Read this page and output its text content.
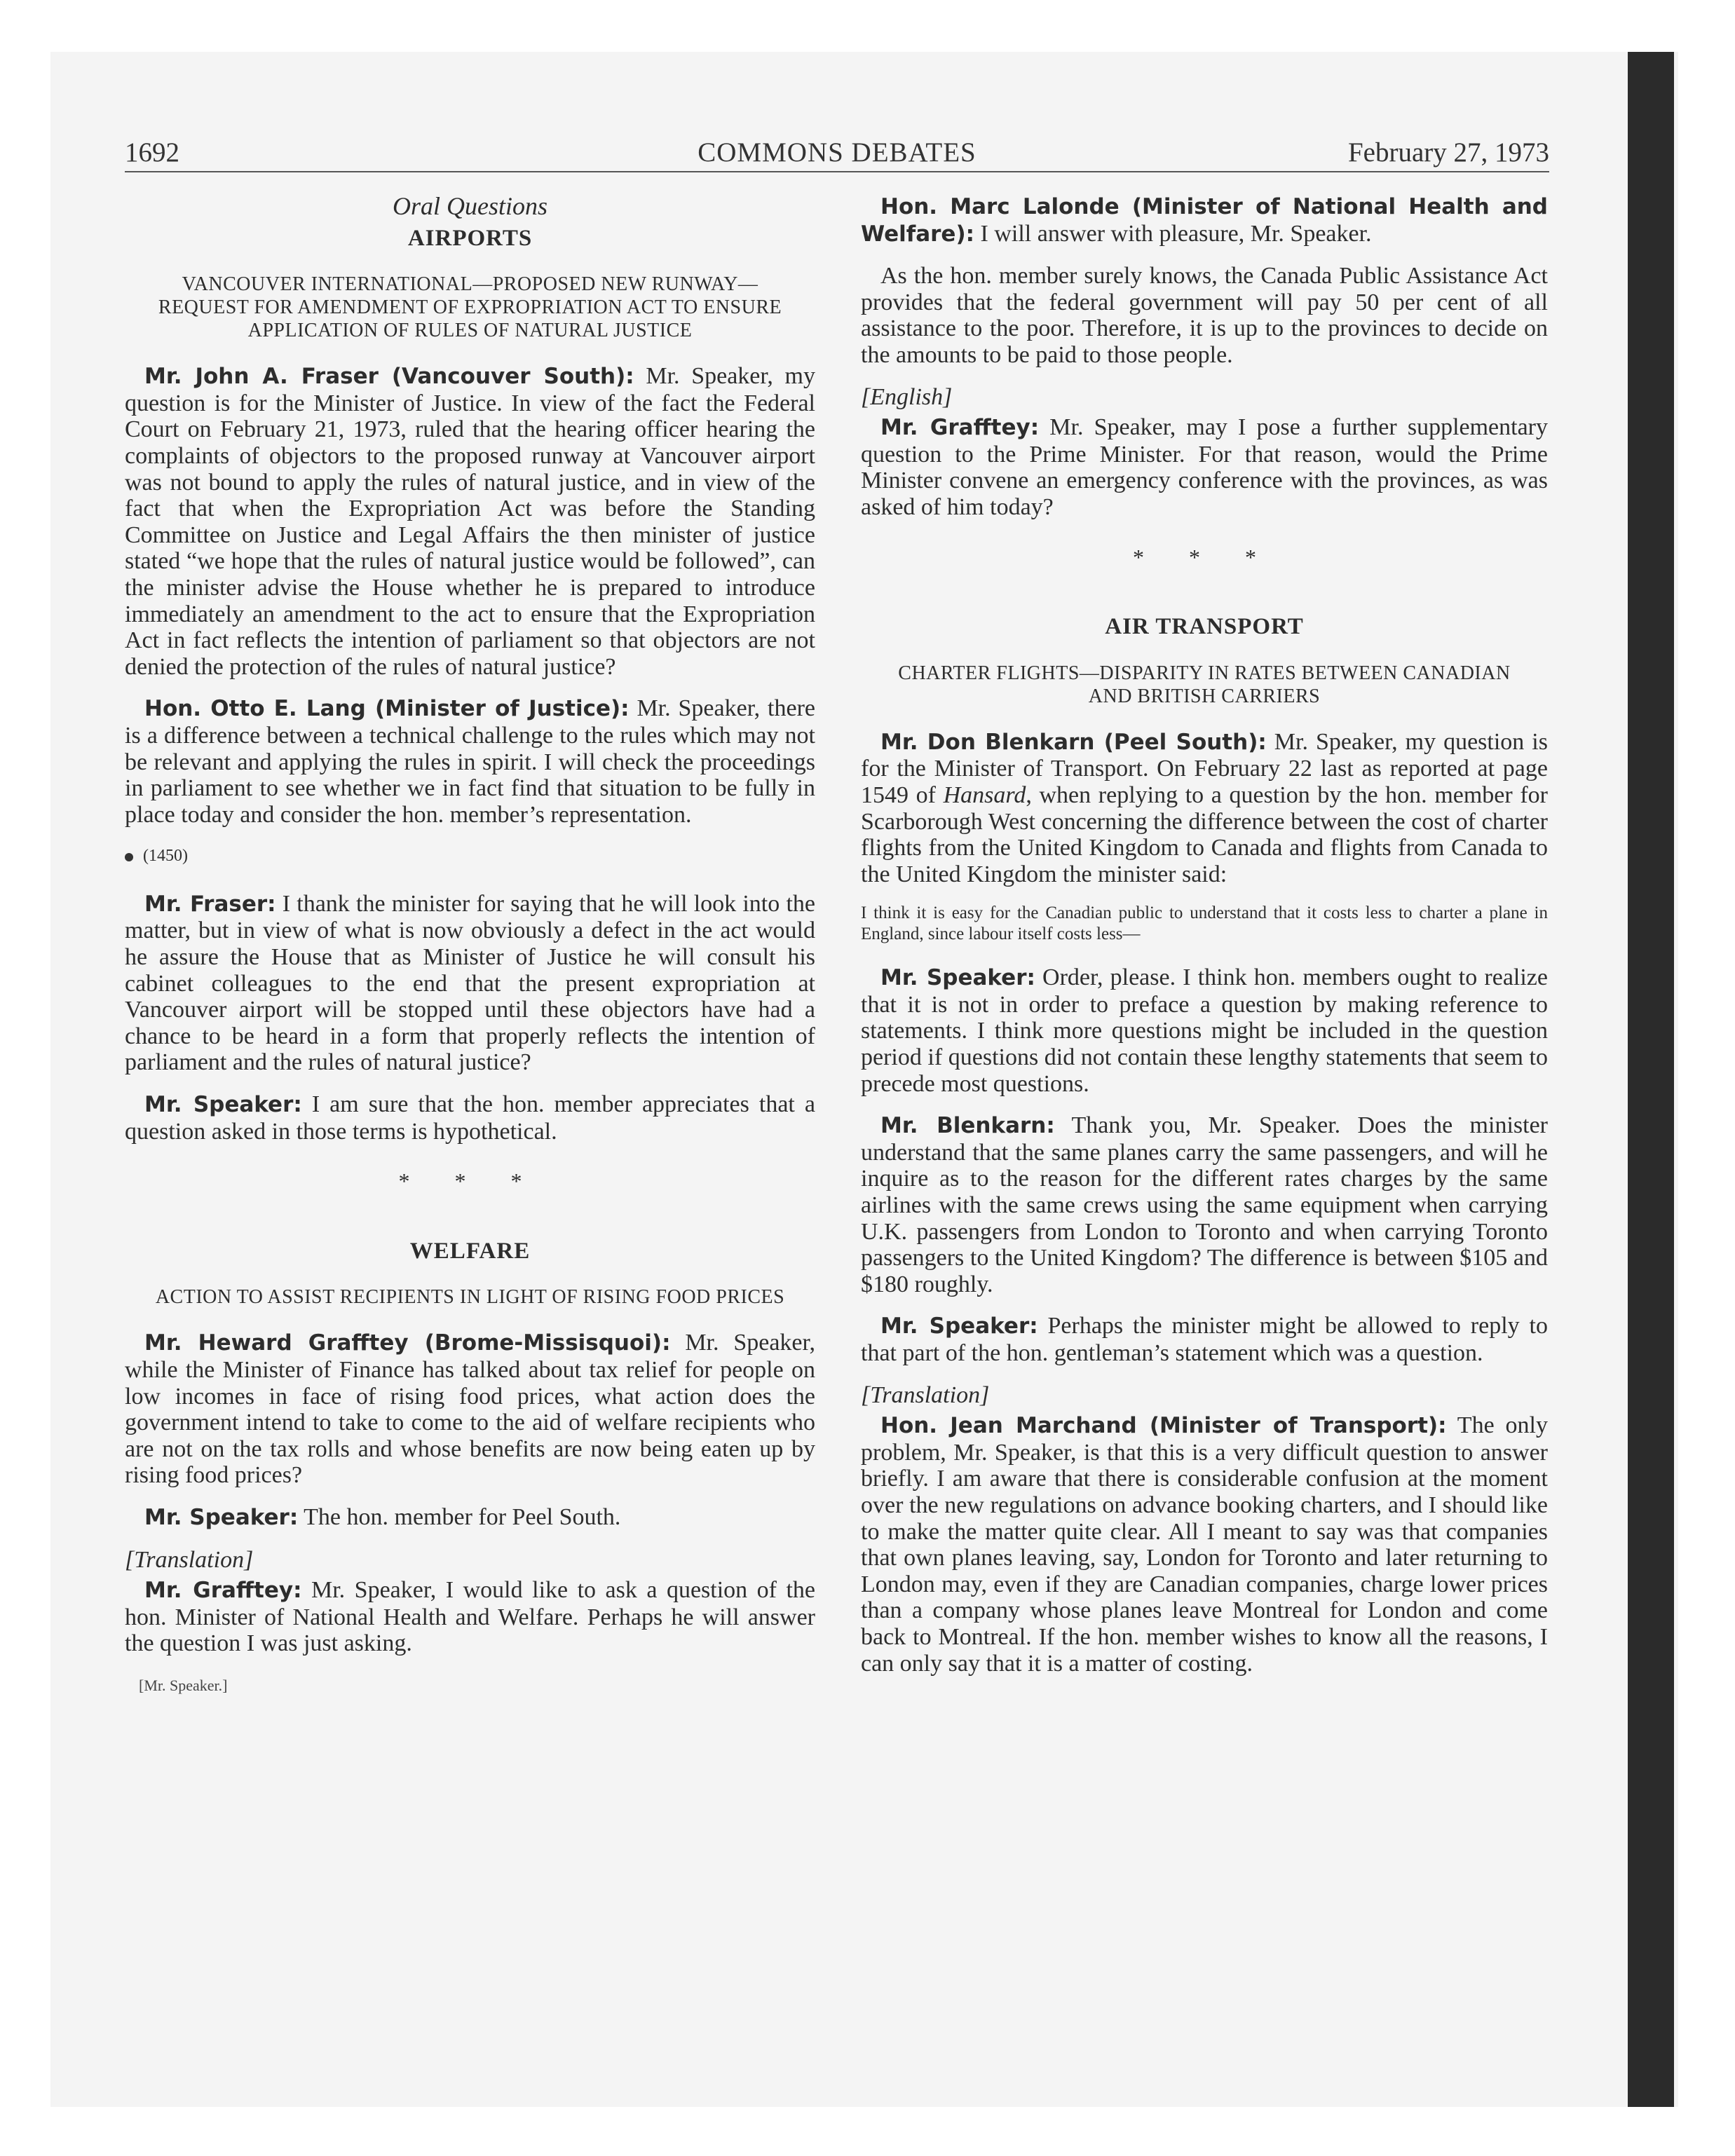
1692	COMMONS DEBATES	February 27, 1973
Oral Questions
AIRPORTS
VANCOUVER INTERNATIONAL—PROPOSED NEW RUNWAY—REQUEST FOR AMENDMENT OF EXPROPRIATION ACT TO ENSURE APPLICATION OF RULES OF NATURAL JUSTICE

Mr. John A. Fraser (Vancouver South): Mr. Speaker, my question is for the Minister of Justice. In view of the fact the Federal Court on February 21, 1973, ruled that the hearing officer hearing the complaints of objectors to the proposed runway at Vancouver airport was not bound to apply the rules of natural justice, and in view of the fact that when the Expropriation Act was before the Standing Committee on Justice and Legal Affairs the then minister of justice stated “we hope that the rules of natural justice would be followed”, can the minister advise the House whether he is prepared to introduce immediately an amendment to the act to ensure that the Expropriation Act in fact reflects the intention of parliament so that objectors are not denied the protection of the rules of natural justice?

Hon. Otto E. Lang (Minister of Justice): Mr. Speaker, there is a difference between a technical challenge to the rules which may not be relevant and applying the rules in spirit. I will check the proceedings in parliament to see whether we in fact find that situation to be fully in place today and consider the hon. member’s representation.

(1450)

Mr. Fraser: I thank the minister for saying that he will look into the matter, but in view of what is now obviously a defect in the act would he assure the House that as Minister of Justice he will consult his cabinet colleagues to the end that the present expropriation at Vancouver airport will be stopped until these objectors have had a chance to be heard in a form that properly reflects the intention of parliament and the rules of natural justice?

Mr. Speaker: I am sure that the hon. member appreciates that a question asked in those terms is hypothetical.

* * *
WELFARE
ACTION TO ASSIST RECIPIENTS IN LIGHT OF RISING FOOD PRICES

Mr. Heward Grafftey (Brome-Missisquoi): Mr. Speaker, while the Minister of Finance has talked about tax relief for people on low incomes in face of rising food prices, what action does the government intend to take to come to the aid of welfare recipients who are not on the tax rolls and whose benefits are now being eaten up by rising food prices?

Mr. Speaker: The hon. member for Peel South.

[Translation]

Mr. Grafftey: Mr. Speaker, I would like to ask a question of the hon. Minister of National Health and Welfare. Perhaps he will answer the question I was just asking.

[Mr. Speaker.]

Hon. Marc Lalonde (Minister of National Health and Welfare): I will answer with pleasure, Mr. Speaker.

As the hon. member surely knows, the Canada Public Assistance Act provides that the federal government will pay 50 per cent of all assistance to the poor. Therefore, it is up to the provinces to decide on the amounts to be paid to those people.

[English]

Mr. Grafftey: Mr. Speaker, may I pose a further supplementary question to the Prime Minister. For that reason, would the Prime Minister convene an emergency conference with the provinces, as was asked of him today?

* * *
AIR TRANSPORT
CHARTER FLIGHTS—DISPARITY IN RATES BETWEEN CANADIAN AND BRITISH CARRIERS

Mr. Don Blenkarn (Peel South): Mr. Speaker, my question is for the Minister of Transport. On February 22 last as reported at page 1549 of Hansard, when replying to a question by the hon. member for Scarborough West concerning the difference between the cost of charter flights from the United Kingdom to Canada and flights from Canada to the United Kingdom the minister said:

I think it is easy for the Canadian public to understand that it costs less to charter a plane in England, since labour itself costs less—

Mr. Speaker: Order, please. I think hon. members ought to realize that it is not in order to preface a question by making reference to statements. I think more questions might be included in the question period if questions did not contain these lengthy statements that seem to precede most questions.

Mr. Blenkarn: Thank you, Mr. Speaker. Does the minister understand that the same planes carry the same passengers, and will he inquire as to the reason for the different rates charges by the same airlines with the same crews using the same equipment when carrying U.K. passengers from London to Toronto and when carrying Toronto passengers to the United Kingdom? The difference is between $105 and $180 roughly.

Mr. Speaker: Perhaps the minister might be allowed to reply to that part of the hon. gentleman’s statement which was a question.

[Translation]

Hon. Jean Marchand (Minister of Transport): The only problem, Mr. Speaker, is that this is a very difficult question to answer briefly. I am aware that there is considerable confusion at the moment over the new regulations on advance booking charters, and I should like to make the matter quite clear. All I meant to say was that companies that own planes leaving, say, London for Toronto and later returning to London may, even if they are Canadian companies, charge lower prices than a company whose planes leave Montreal for London and come back to Montreal. If the hon. member wishes to know all the reasons, I can only say that it is a matter of costing.
